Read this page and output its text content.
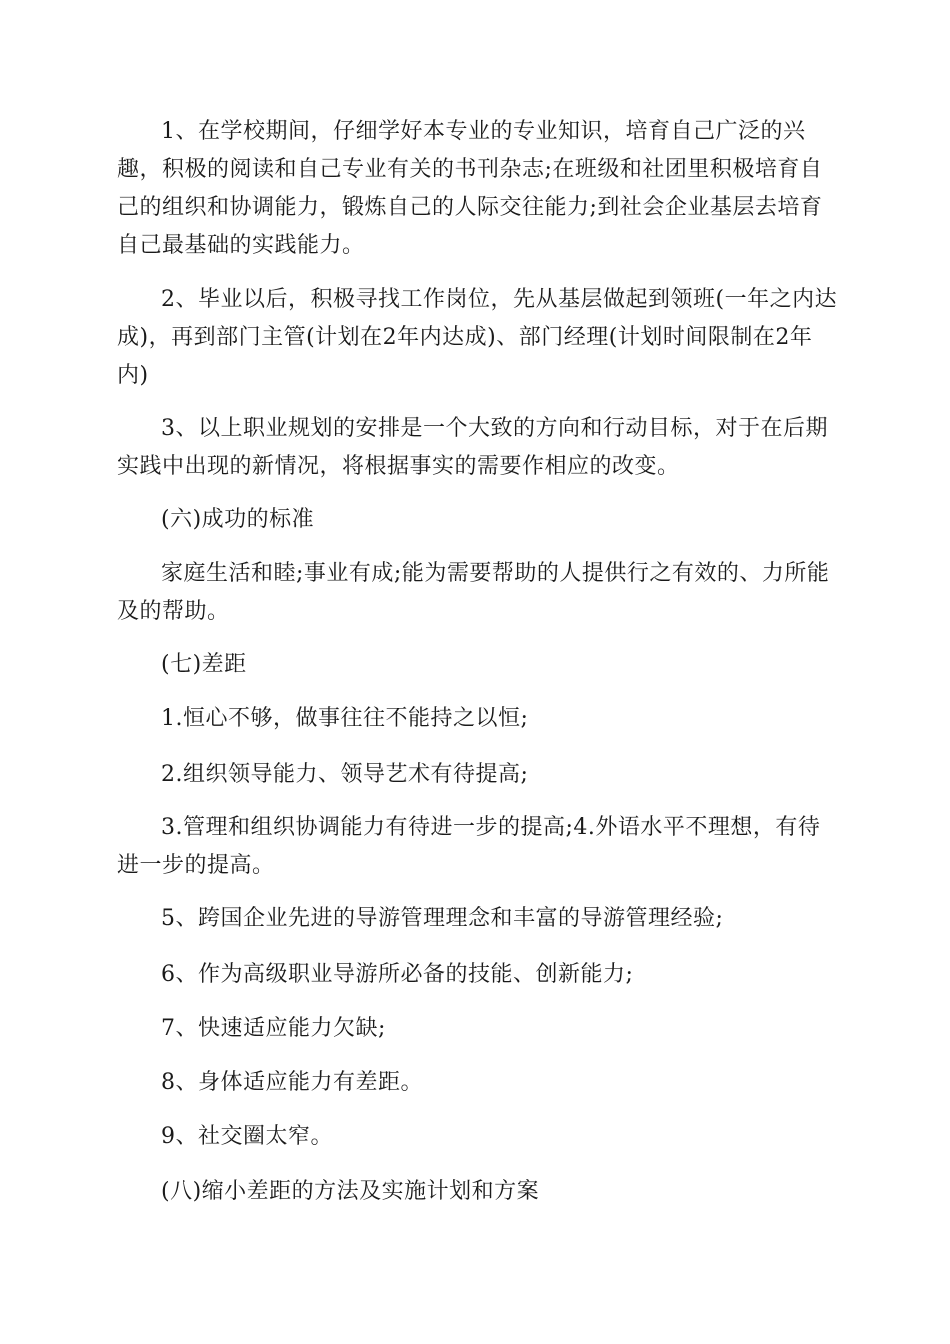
1、在学校期间，仔细学好本专业的专业知识，培育自己广泛的兴
趣，积极的阅读和自己专业有关的书刊杂志;在班级和社团里积极培育自
己的组织和协调能力，锻炼自己的人际交往能力;到社会企业基层去培育
自己最基础的实践能力。
2、毕业以后，积极寻找工作岗位，先从基层做起到领班(一年之内达
成)，再到部门主管(计划在2年内达成)、部门经理(计划时间限制在2年
内)
3、以上职业规划的安排是一个大致的方向和行动目标，对于在后期
实践中出现的新情况，将根据事实的需要作相应的改变。
(六)成功的标准
家庭生活和睦;事业有成;能为需要帮助的人提供行之有效的、力所能
及的帮助。
(七)差距
1.恒心不够，做事往往不能持之以恒;
2.组织领导能力、领导艺术有待提高;
3.管理和组织协调能力有待进一步的提高;4.外语水平不理想，有待
进一步的提高。
5、跨国企业先进的导游管理理念和丰富的导游管理经验;
6、作为高级职业导游所必备的技能、创新能力;
7、快速适应能力欠缺;
8、身体适应能力有差距。
9、社交圈太窄。
(八)缩小差距的方法及实施计划和方案
